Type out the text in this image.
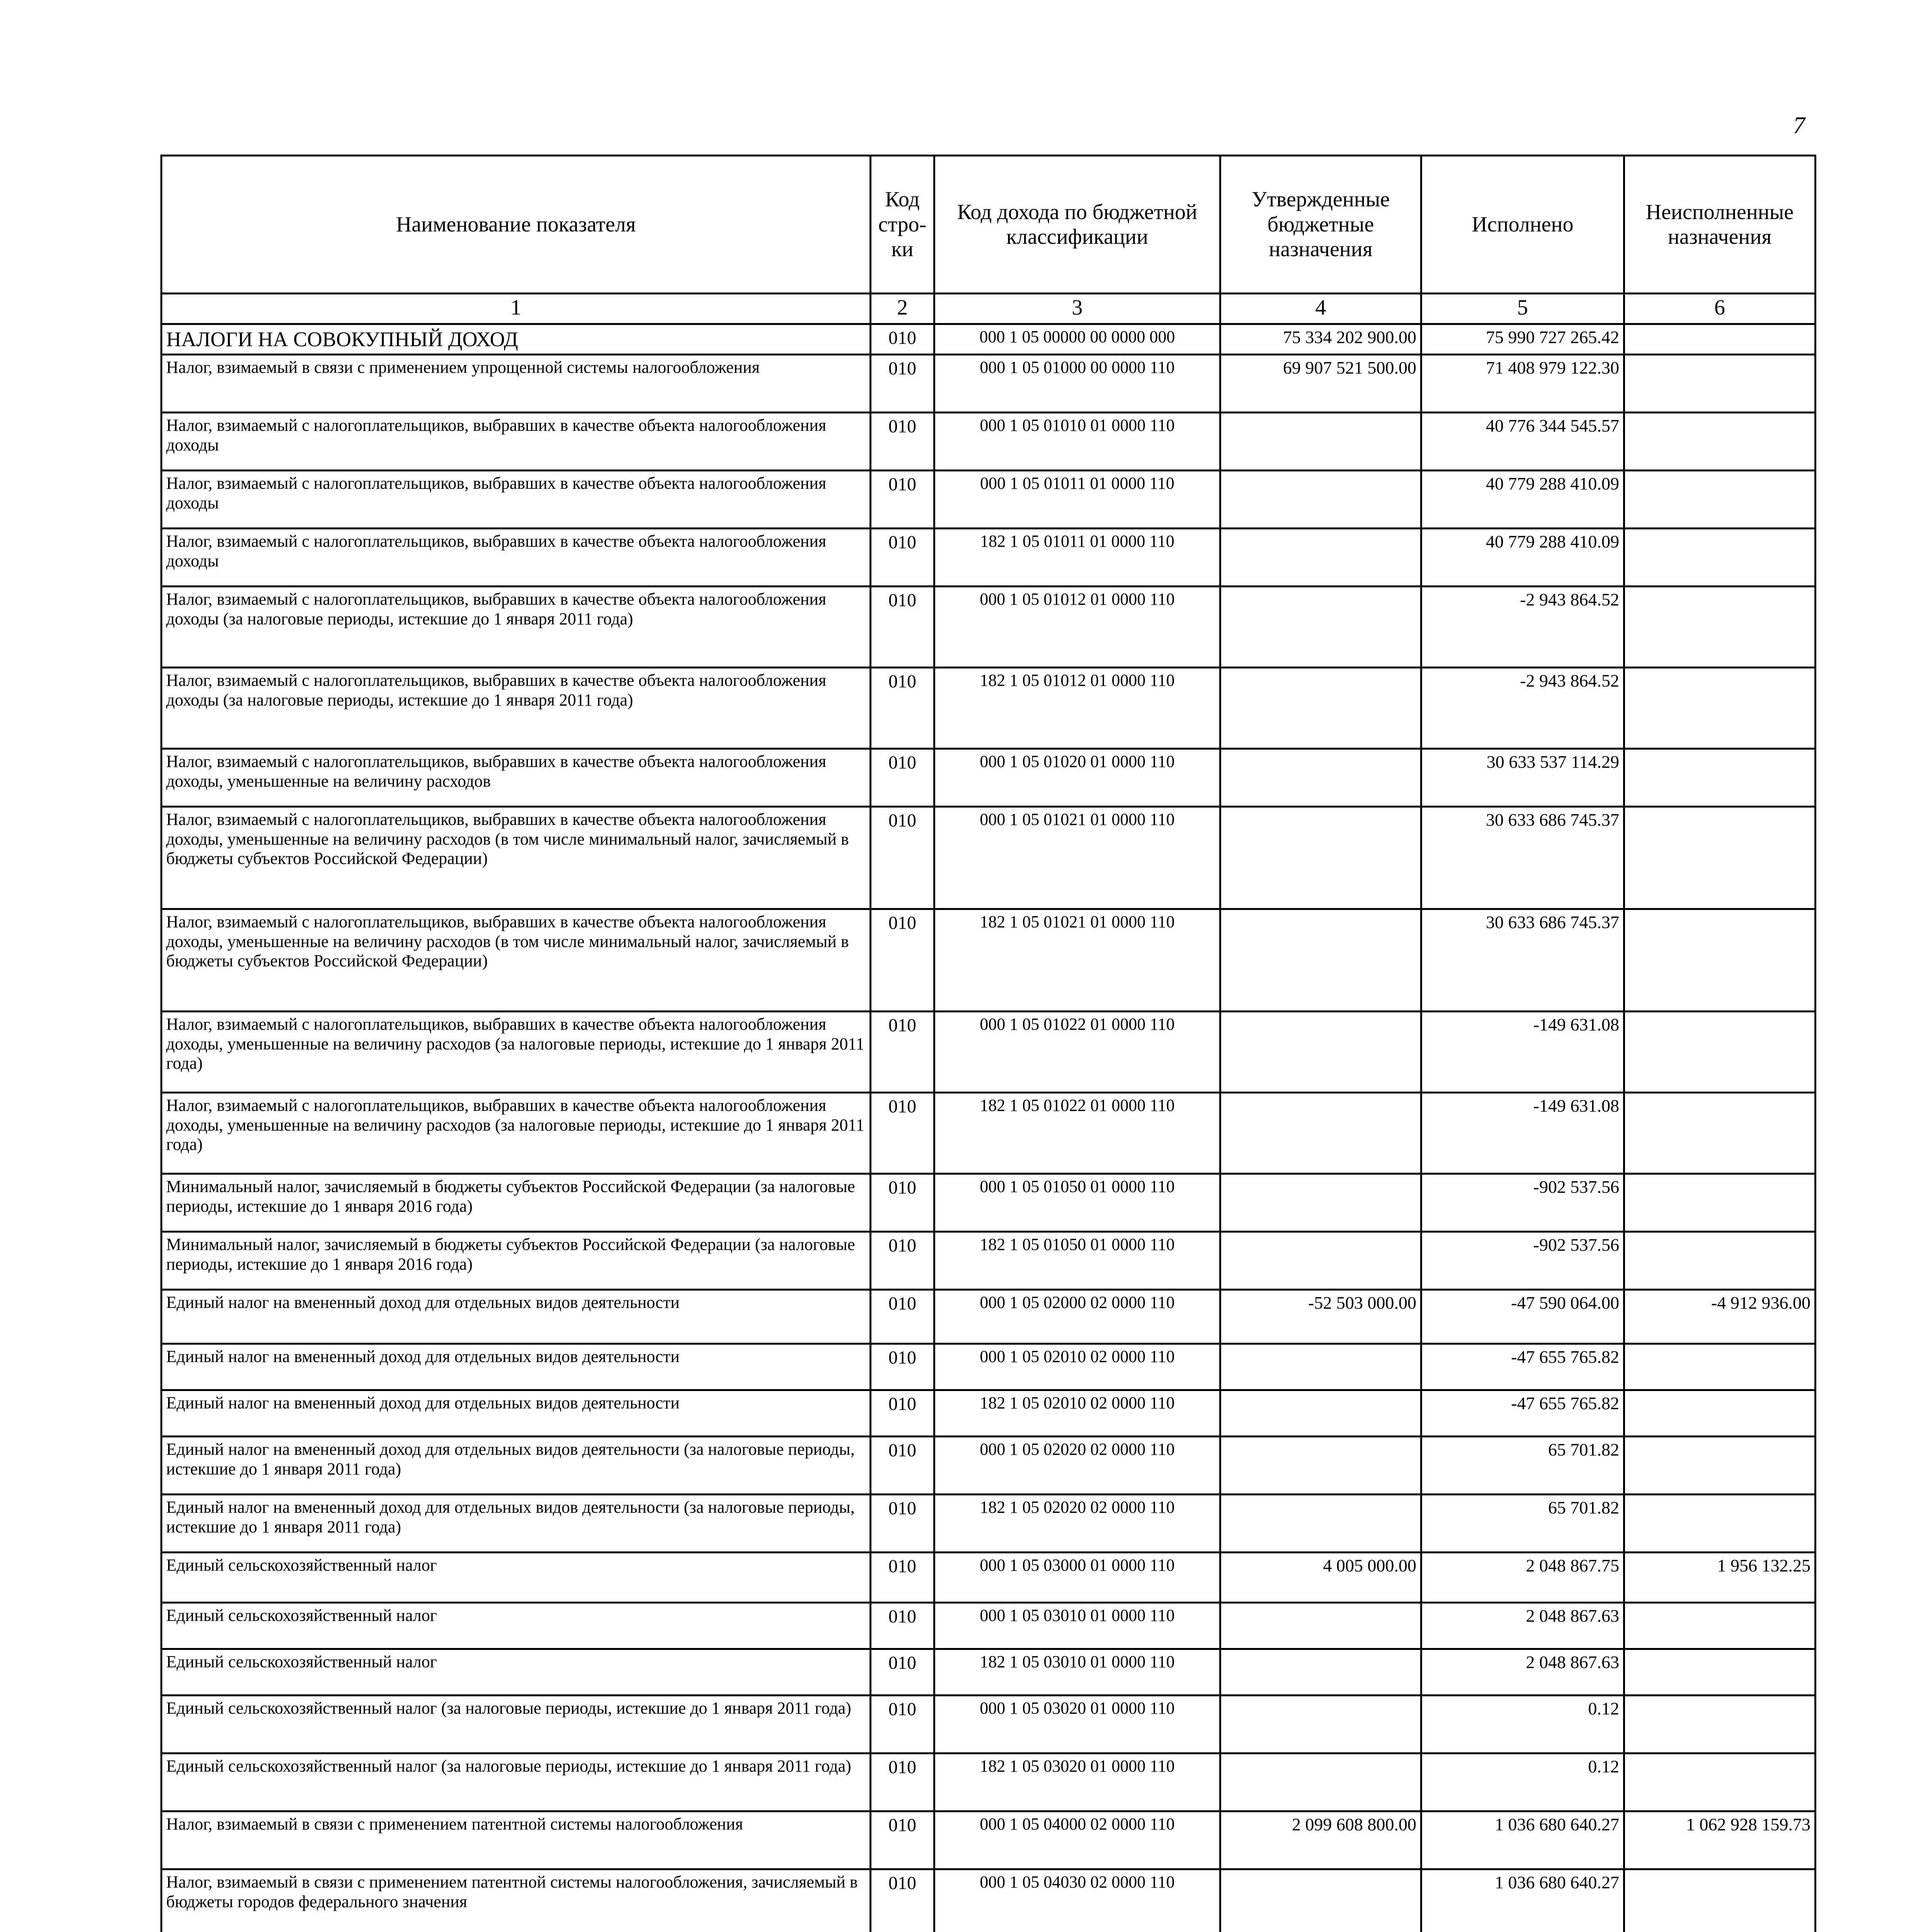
7
Наименование показателя	Код стро- ки	Код дохода по бюджетной классификации	Утвержденные бюджетные назначения	Исполнено	Неисполненные назначения
1	2	3	4	5	6
НАЛОГИ НА СОВОКУПНЫЙ ДОХОД	010	000 1 05 00000 00 0000 000	75 334 202 900.00	75 990 727 265.42	
Налог, взимаемый в связи с применением упрощенной системы налогообложения	010	000 1 05 01000 00 0000 110	69 907 521 500.00	71 408 979 122.30	
Налог, взимаемый с налогоплательщиков, выбравших в качестве объекта налогообложения доходы	010	000 1 05 01010 01 0000 110		40 776 344 545.57	
Налог, взимаемый с налогоплательщиков, выбравших в качестве объекта налогообложения доходы	010	000 1 05 01011 01 0000 110		40 779 288 410.09	
Налог, взимаемый с налогоплательщиков, выбравших в качестве объекта налогообложения доходы	010	182 1 05 01011 01 0000 110		40 779 288 410.09	
Налог, взимаемый с налогоплательщиков, выбравших в качестве объекта налогообложения доходы (за налоговые периоды, истекшие до 1 января 2011 года)	010	000 1 05 01012 01 0000 110		-2 943 864.52	
Налог, взимаемый с налогоплательщиков, выбравших в качестве объекта налогообложения доходы (за налоговые периоды, истекшие до 1 января 2011 года)	010	182 1 05 01012 01 0000 110		-2 943 864.52	
Налог, взимаемый с налогоплательщиков, выбравших в качестве объекта налогообложения доходы, уменьшенные на величину расходов	010	000 1 05 01020 01 0000 110		30 633 537 114.29	
Налог, взимаемый с налогоплательщиков, выбравших в качестве объекта налогообложения доходы, уменьшенные на величину расходов (в том числе минимальный налог, зачисляемый в бюджеты субъектов Российской Федерации)	010	000 1 05 01021 01 0000 110		30 633 686 745.37	
Налог, взимаемый с налогоплательщиков, выбравших в качестве объекта налогообложения доходы, уменьшенные на величину расходов (в том числе минимальный налог, зачисляемый в бюджеты субъектов Российской Федерации)	010	182 1 05 01021 01 0000 110		30 633 686 745.37	
Налог, взимаемый с налогоплательщиков, выбравших в качестве объекта налогообложения доходы, уменьшенные на величину расходов (за налоговые периоды, истекшие до 1 января 2011 года)	010	000 1 05 01022 01 0000 110		-149 631.08	
Налог, взимаемый с налогоплательщиков, выбравших в качестве объекта налогообложения доходы, уменьшенные на величину расходов (за налоговые периоды, истекшие до 1 января 2011 года)	010	182 1 05 01022 01 0000 110		-149 631.08	
Минимальный налог, зачисляемый в бюджеты субъектов Российской Федерации (за налоговые периоды, истекшие до 1 января 2016 года)	010	000 1 05 01050 01 0000 110		-902 537.56	
Минимальный налог, зачисляемый в бюджеты субъектов Российской Федерации (за налоговые периоды, истекшие до 1 января 2016 года)	010	182 1 05 01050 01 0000 110		-902 537.56	
Единый налог на вмененный доход для отдельных видов деятельности	010	000 1 05 02000 02 0000 110	-52 503 000.00	-47 590 064.00	-4 912 936.00
Единый налог на вмененный доход для отдельных видов деятельности	010	000 1 05 02010 02 0000 110		-47 655 765.82	
Единый налог на вмененный доход для отдельных видов деятельности	010	182 1 05 02010 02 0000 110		-47 655 765.82	
Единый налог на вмененный доход для отдельных видов деятельности (за налоговые периоды, истекшие до 1 января 2011 года)	010	000 1 05 02020 02 0000 110		65 701.82	
Единый налог на вмененный доход для отдельных видов деятельности (за налоговые периоды, истекшие до 1 января 2011 года)	010	182 1 05 02020 02 0000 110		65 701.82	
Единый сельскохозяйственный налог	010	000 1 05 03000 01 0000 110	4 005 000.00	2 048 867.75	1 956 132.25
Единый сельскохозяйственный налог	010	000 1 05 03010 01 0000 110		2 048 867.63	
Единый сельскохозяйственный налог	010	182 1 05 03010 01 0000 110		2 048 867.63	
Единый сельскохозяйственный налог (за налоговые периоды, истекшие до 1 января 2011 года)	010	000 1 05 03020 01 0000 110		0.12	
Единый сельскохозяйственный налог (за налоговые периоды, истекшие до 1 января 2011 года)	010	182 1 05 03020 01 0000 110		0.12	
Налог, взимаемый в связи с применением патентной системы налогообложения	010	000 1 05 04000 02 0000 110	2 099 608 800.00	1 036 680 640.27	1 062 928 159.73
Налог, взимаемый в связи с применением патентной системы налогообложения, зачисляемый в бюджеты городов федерального значения	010	000 1 05 04030 02 0000 110		1 036 680 640.27	
